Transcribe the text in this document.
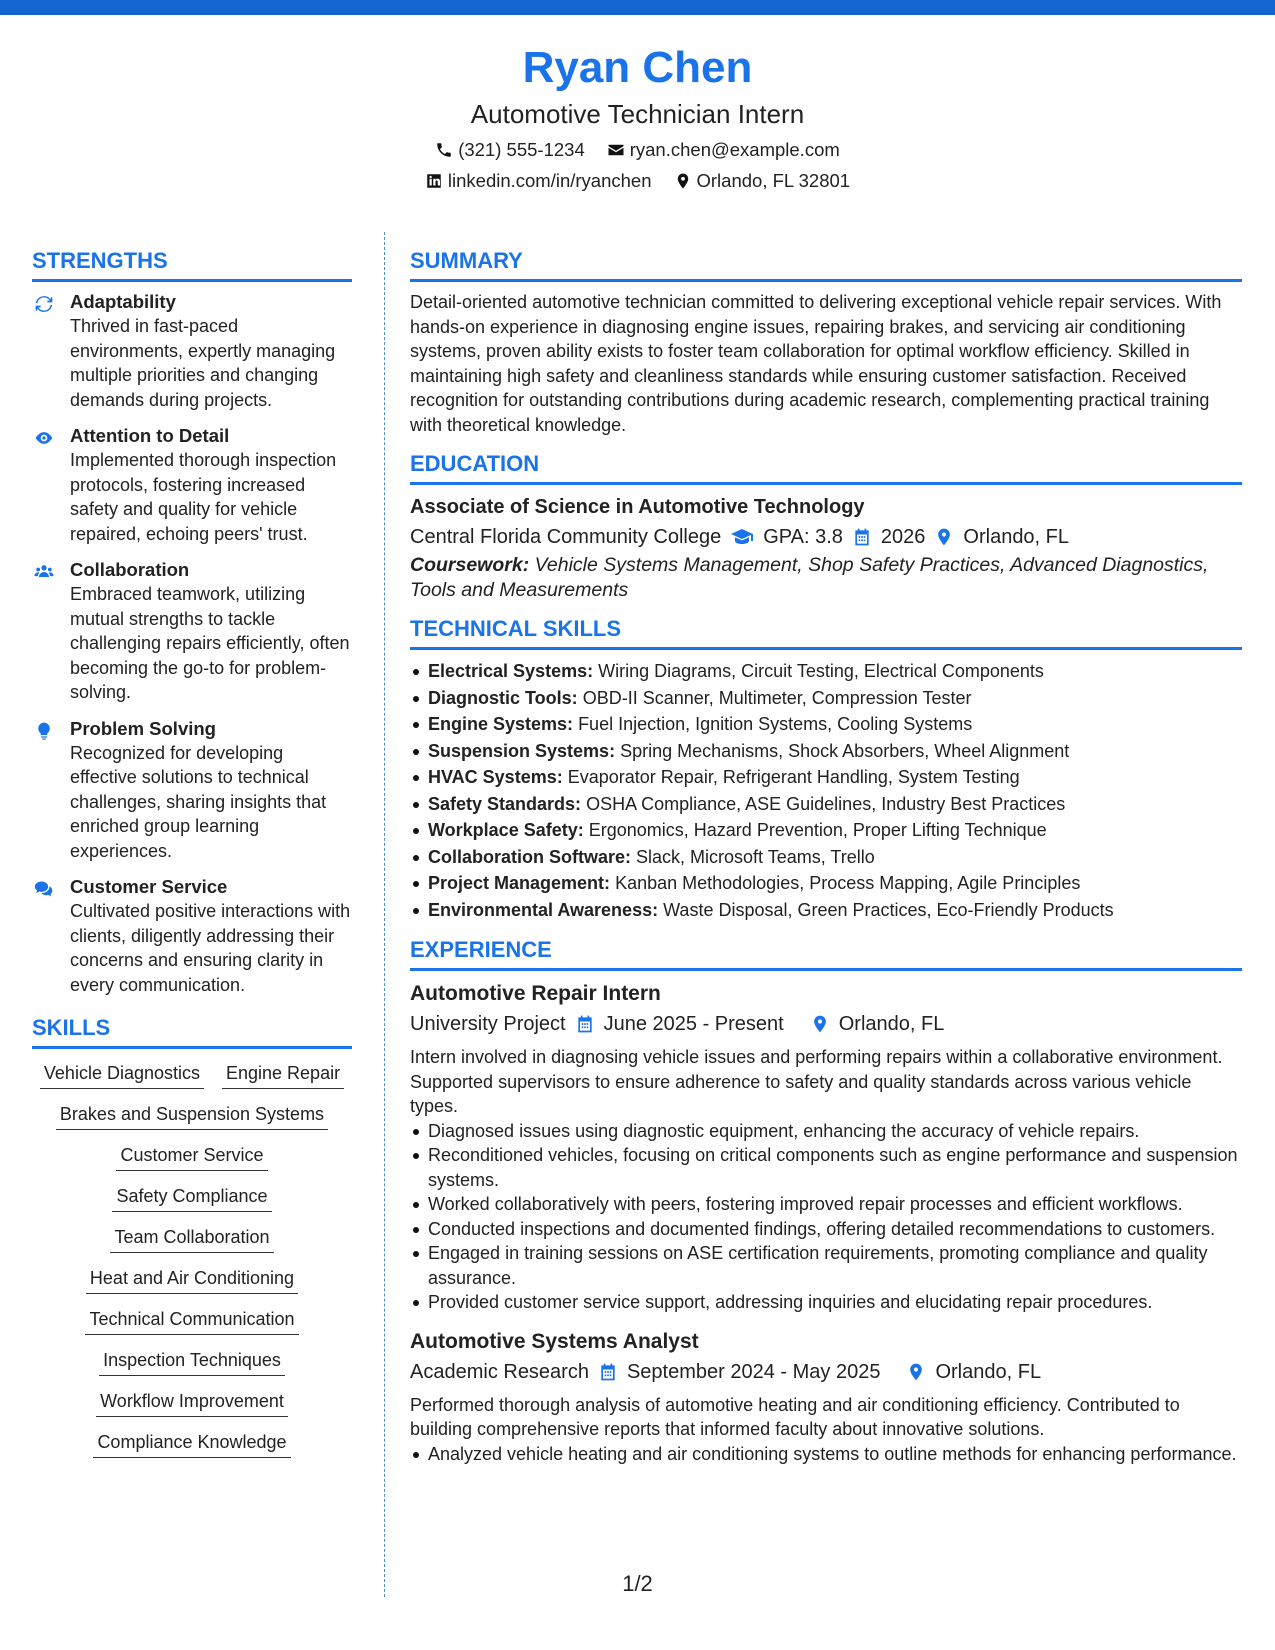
Ryan Chen
Automotive Technician Intern
(321) 555-1234 ryan.chen@example.com
linkedin.com/in/ryanchen Orlando, FL 32801
STRENGTHS
Adaptability
Thrived in fast-paced environments, expertly managing multiple priorities and changing demands during projects.
Attention to Detail
Implemented thorough inspection protocols, fostering increased safety and quality for vehicle repaired, echoing peers' trust.
Collaboration
Embraced teamwork, utilizing mutual strengths to tackle challenging repairs efficiently, often becoming the go-to for problem-solving.
Problem Solving
Recognized for developing effective solutions to technical challenges, sharing insights that enriched group learning experiences.
Customer Service
Cultivated positive interactions with clients, diligently addressing their concerns and ensuring clarity in every communication.
SKILLS
Vehicle Diagnostics Engine Repair
Brakes and Suspension Systems
Customer Service
Safety Compliance
Team Collaboration
Heat and Air Conditioning
Technical Communication
Inspection Techniques
Workflow Improvement
Compliance Knowledge
SUMMARY
Detail-oriented automotive technician committed to delivering exceptional vehicle repair services. With hands-on experience in diagnosing engine issues, repairing brakes, and servicing air conditioning systems, proven ability exists to foster team collaboration for optimal workflow efficiency. Skilled in maintaining high safety and cleanliness standards while ensuring customer satisfaction. Received recognition for outstanding contributions during academic research, complementing practical training with theoretical knowledge.
EDUCATION
Associate of Science in Automotive Technology
Central Florida Community College GPA: 3.8 2026 Orlando, FL
Coursework: Vehicle Systems Management, Shop Safety Practices, Advanced Diagnostics, Tools and Measurements
TECHNICAL SKILLS
Electrical Systems: Wiring Diagrams, Circuit Testing, Electrical Components
Diagnostic Tools: OBD-II Scanner, Multimeter, Compression Tester
Engine Systems: Fuel Injection, Ignition Systems, Cooling Systems
Suspension Systems: Spring Mechanisms, Shock Absorbers, Wheel Alignment
HVAC Systems: Evaporator Repair, Refrigerant Handling, System Testing
Safety Standards: OSHA Compliance, ASE Guidelines, Industry Best Practices
Workplace Safety: Ergonomics, Hazard Prevention, Proper Lifting Technique
Collaboration Software: Slack, Microsoft Teams, Trello
Project Management: Kanban Methodologies, Process Mapping, Agile Principles
Environmental Awareness: Waste Disposal, Green Practices, Eco-Friendly Products
EXPERIENCE
Automotive Repair Intern
University Project June 2025 - Present	Orlando, FL
Intern involved in diagnosing vehicle issues and performing repairs within a collaborative environment. Supported supervisors to ensure adherence to safety and quality standards across various vehicle types.
Diagnosed issues using diagnostic equipment, enhancing the accuracy of vehicle repairs.
Reconditioned vehicles, focusing on critical components such as engine performance and suspension systems.
Worked collaboratively with peers, fostering improved repair processes and efficient workflows.
Conducted inspections and documented findings, offering detailed recommendations to customers.
Engaged in training sessions on ASE certification requirements, promoting compliance and quality assurance.
Provided customer service support, addressing inquiries and elucidating repair procedures.
Automotive Systems Analyst
Academic Research September 2024 - May 2025	Orlando, FL
Performed thorough analysis of automotive heating and air conditioning efficiency. Contributed to building comprehensive reports that informed faculty about innovative solutions.
Analyzed vehicle heating and air conditioning systems to outline methods for enhancing performance.
1/2
